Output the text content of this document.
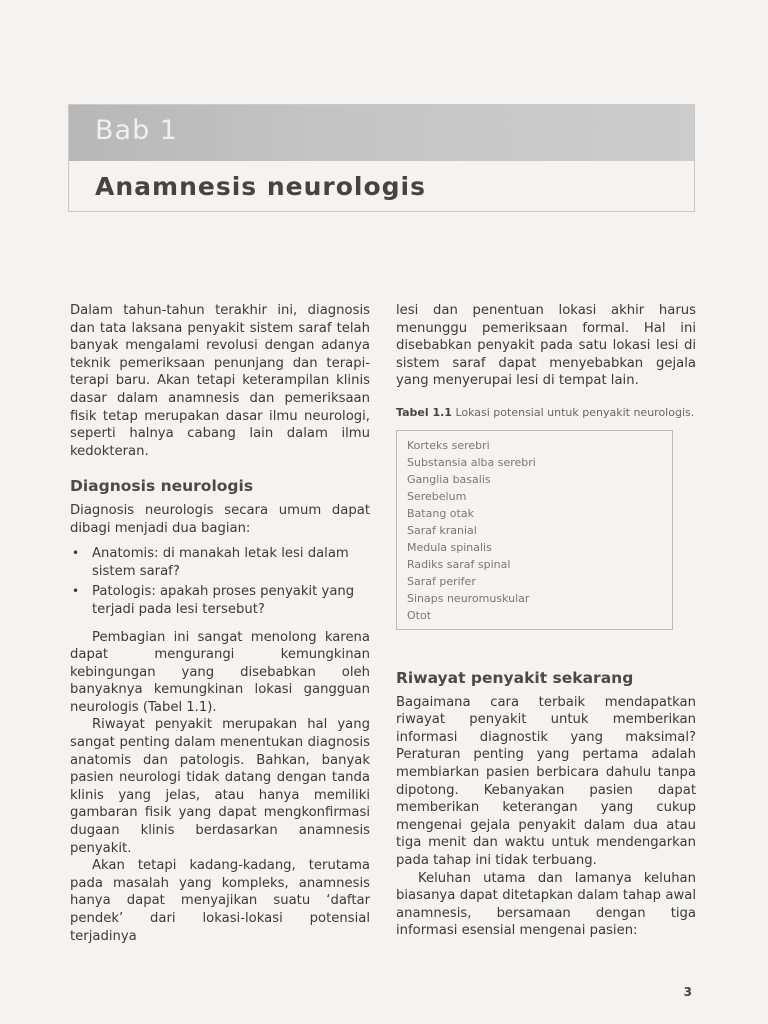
Bab 1
Anamnesis neurologis

Dalam tahun-tahun terakhir ini, diagnosis dan tata laksana penyakit sistem saraf telah banyak mengalami revolusi dengan adanya teknik pemeriksaan penunjang dan terapi-terapi baru. Akan tetapi keterampilan klinis dasar dalam anamnesis dan pemeriksaan fisik tetap merupakan dasar ilmu neurologi, seperti halnya cabang lain dalam ilmu kedokteran.

Diagnosis neurologis

Diagnosis neurologis secara umum dapat dibagi menjadi dua bagian:

• Anatomis: di manakah letak lesi dalam sistem saraf?
• Patologis: apakah proses penyakit yang terjadi pada lesi tersebut?

Pembagian ini sangat menolong karena dapat mengurangi kemungkinan kebingungan yang disebabkan oleh banyaknya kemungkinan lokasi gangguan neurologis (Tabel 1.1).

Riwayat penyakit merupakan hal yang sangat penting dalam menentukan diagnosis anatomis dan patologis. Bahkan, banyak pasien neurologi tidak datang dengan tanda klinis yang jelas, atau hanya memiliki gambaran fisik yang dapat mengkonfirmasi dugaan klinis berdasarkan anamnesis penyakit.

Akan tetapi kadang-kadang, terutama pada masalah yang kompleks, anamnesis hanya dapat menyajikan suatu ‘daftar pendek’ dari lokasi-lokasi potensial terjadinya

lesi dan penentuan lokasi akhir harus menunggu pemeriksaan formal. Hal ini disebabkan penyakit pada satu lokasi lesi di sistem saraf dapat menyebabkan gejala yang menyerupai lesi di tempat lain.

Tabel 1.1 Lokasi potensial untuk penyakit neurologis.
Korteks serebri
Substansia alba serebri
Ganglia basalis
Serebelum
Batang otak
Saraf kranial
Medula spinalis
Radiks saraf spinal
Saraf perifer
Sinaps neuromuskular
Otot
Riwayat penyakit sekarang

Bagaimana cara terbaik mendapatkan riwayat penyakit untuk memberikan informasi diagnostik yang maksimal? Peraturan penting yang pertama adalah membiarkan pasien berbicara dahulu tanpa dipotong. Kebanyakan pasien dapat memberikan keterangan yang cukup mengenai gejala penyakit dalam dua atau tiga menit dan waktu untuk mendengarkan pada tahap ini tidak terbuang.

Keluhan utama dan lamanya keluhan biasanya dapat ditetapkan dalam tahap awal anamnesis, bersamaan dengan tiga informasi esensial mengenai pasien:

3
